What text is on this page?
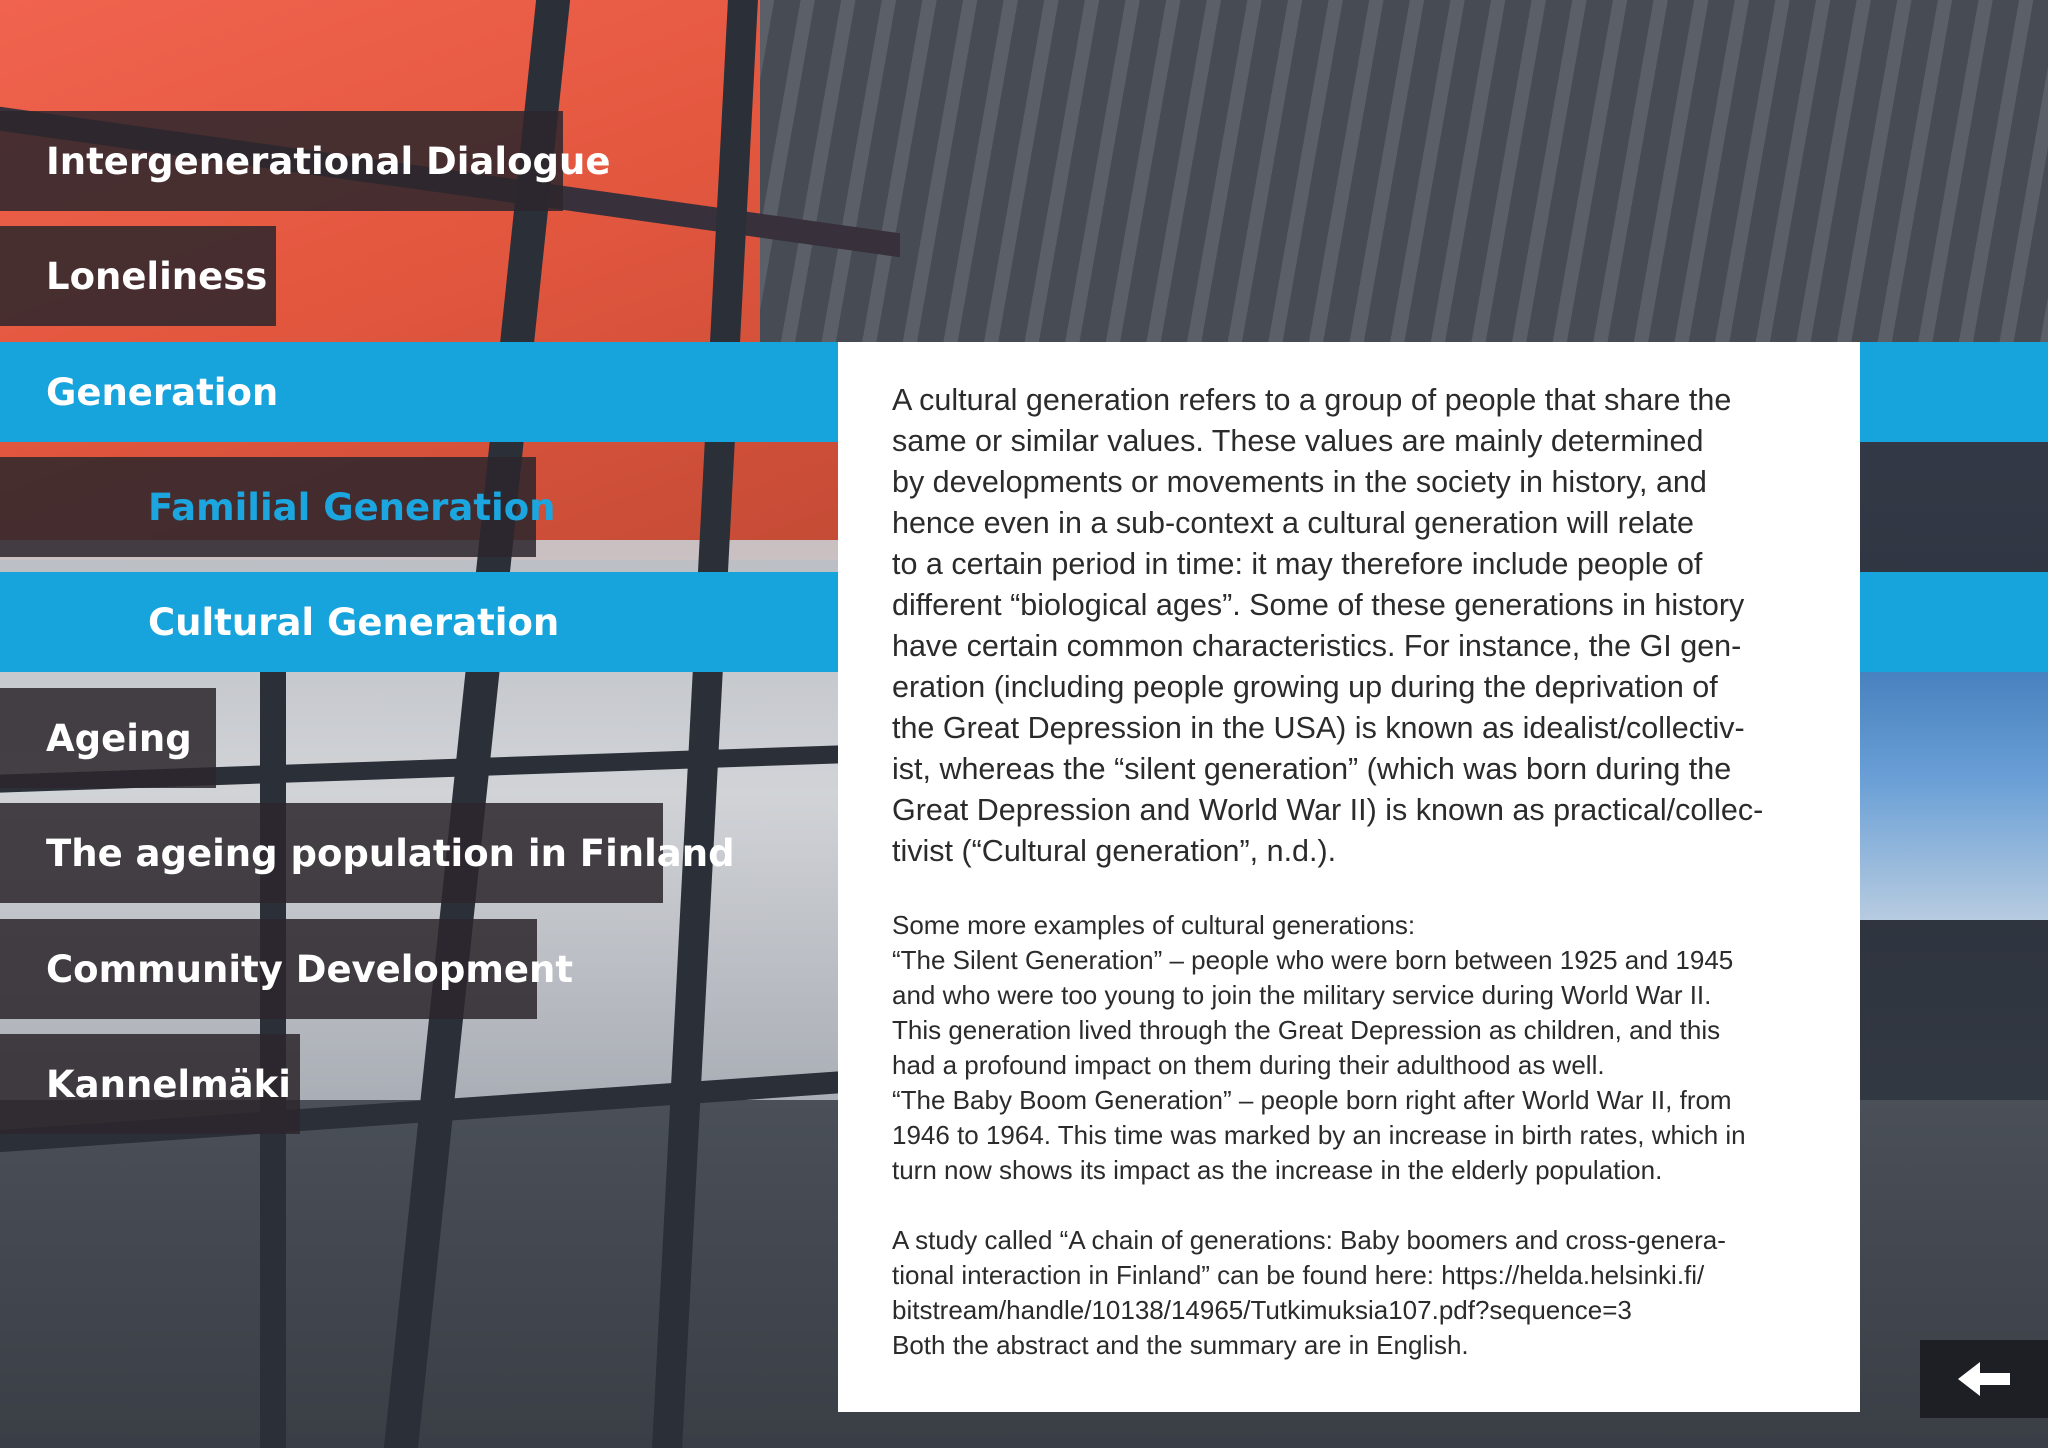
Intergenerational Dialogue
Loneliness
Generation
Familial Generation
Cultural Generation
Ageing
The ageing population in Finland
Community Development
Kannelmäki
A cultural generation refers to a group of people that share the
same or similar values. These values are mainly determined
by developments or movements in the society in history, and
hence even in a sub-context a cultural generation will relate
to a certain period in time: it may therefore include people of
different “biological ages”. Some of these generations in history
have certain common characteristics. For instance, the GI gen-
eration (including people growing up during the deprivation of
the Great Depression in the USA) is known as idealist/collectiv-
ist, whereas the “silent generation” (which was born during the
Great Depression and World War II) is known as practical/collec-
tivist (“Cultural generation”, n.d.).
Some more examples of cultural generations:
“The Silent Generation” – people who were born between 1925 and 1945
and who were too young to join the military service during World War II.
This generation lived through the Great Depression as children, and this
had a profound impact on them during their adulthood as well.
“The Baby Boom Generation” – people born right after World War II, from
1946 to 1964. This time was marked by an increase in birth rates, which in
turn now shows its impact as the increase in the elderly population.
A study called “A chain of generations: Baby boomers and cross-genera-
tional interaction in Finland” can be found here: https://helda.helsinki.fi/
bitstream/handle/10138/14965/Tutkimuksia107.pdf?sequence=3
Both the abstract and the summary are in English.
